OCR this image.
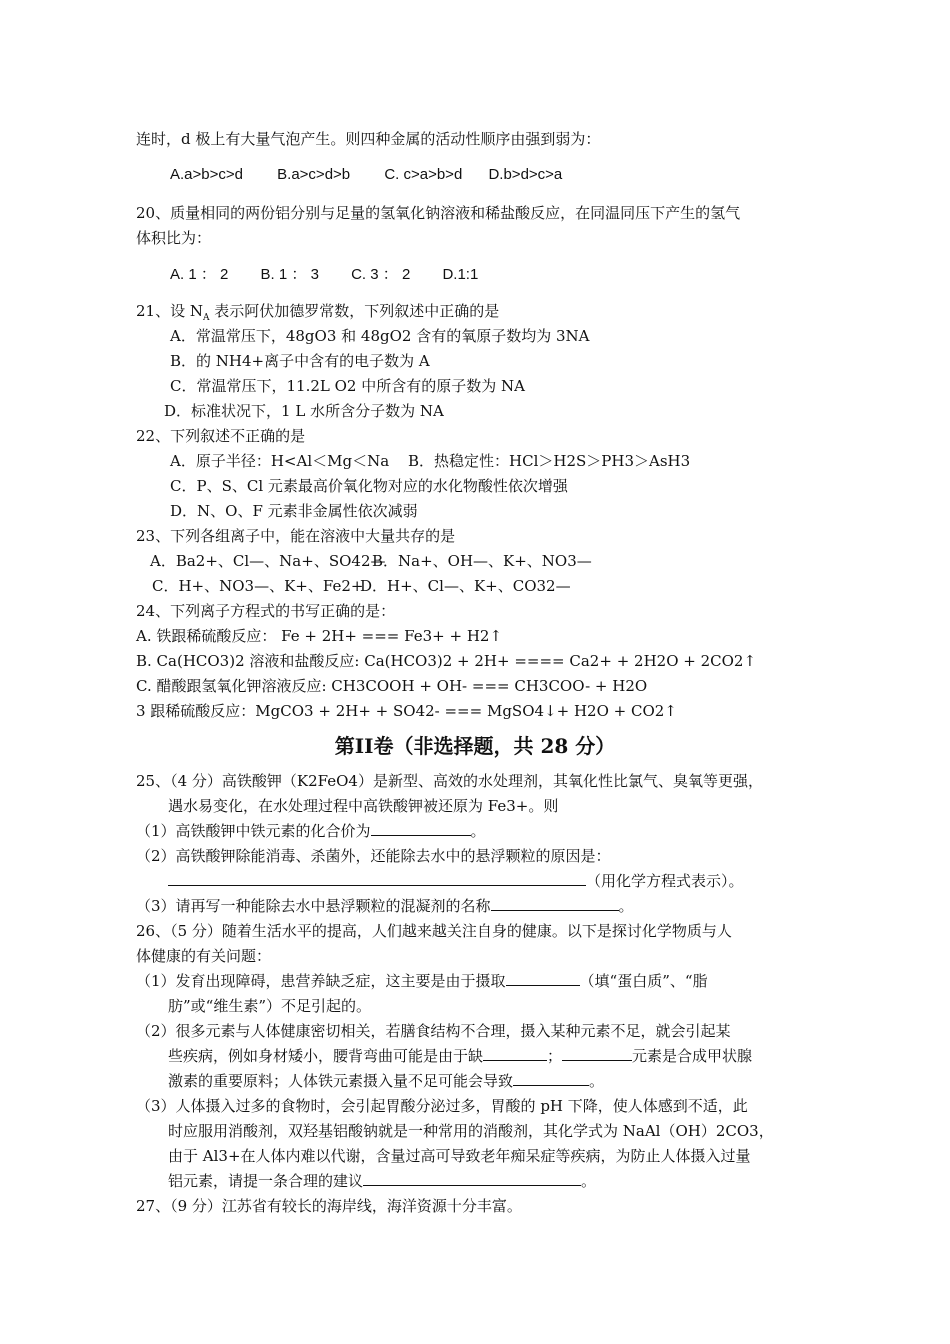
连时，d 极上有大量气泡产生。则四种金属的活动性顺序由强到弱为：
A.a>b>c>d B.a>c>d>b C. c>a>b>d D.b>d>c>a
20、质量相同的两份铝分别与足量的氢氧化钠溶液和稀盐酸反应，在同温同压下产生的氢气
体积比为：
A. 1 ： 2 B. 1 ： 3 C. 3 ： 2 D.1:1
21、设 $N_A$ 表示阿伏加德罗常数，下列叙述中正确的是
A．常温常压下，48gO3 和 48gO2 含有的氧原子数均为 3NA
B．的 NH4+离子中含有的电子数为 A
C．常温常压下，11.2L O2 中所含有的原子数为 NA
D．标准状况下，1 L 水所含分子数为 NA
22、下列叙述不正确的是
A．原子半径：H<Al＜Mg＜Na B．热稳定性：HCl＞H2S＞PH3＞AsH3
C．P、S、Cl 元素最高价氧化物对应的水化物酸性依次增强
D．N、O、F 元素非金属性依次减弱
23、下列各组离子中，能在溶液中大量共存的是
A．Ba2+、Cl—、Na+、SO42—
B．Na+、OH—、K+、NO3—
C．H+、NO3—、K+、Fe2+
D．H+、Cl—、K+、CO32—
24、下列离子方程式的书写正确的是：
A. 铁跟稀硫酸反应： Fe + 2H+ === Fe3+ + H2↑
B. Ca(HCO3)2 溶液和盐酸反应: Ca(HCO3)2 + 2H+ ==== Ca2+ + 2H2O + 2CO2↑
C. 醋酸跟氢氧化钾溶液反应: CH3COOH + OH- === CH3COO- + H2O
3 跟稀硫酸反应：MgCO3 + 2H+ + SO42- === MgSO4↓+ H2O + CO2↑
第II卷（非选择题，共 28 分）
25、（4 分）高铁酸钾（K2FeO4）是新型、高效的水处理剂，其氧化性比氯气、臭氧等更强，
遇水易变化，在水处理过程中高铁酸钾被还原为 Fe3+。则
（1）高铁酸钾中铁元素的化合价为	。
（2）高铁酸钾除能消毒、杀菌外，还能除去水中的悬浮颗粒的原因是：
（用化学方程式表示）。
（3）请再写一种能除去水中悬浮颗粒的混凝剂的名称	。
26、（5 分）随着生活水平的提高，人们越来越关注自身的健康。以下是探讨化学物质与人
体健康的有关问题：
（1）发育出现障碍，患营养缺乏症，这主要是由于摄取	（填“蛋白质”、“脂
肪”或“维生素”）不足引起的。
（2）很多元素与人体健康密切相关，若膳食结构不合理，摄入某种元素不足，就会引起某
些疾病，例如身材矮小，腰背弯曲可能是由于缺	；	元素是合成甲状腺
激素的重要原料；人体铁元素摄入量不足可能会导致	。
（3）人体摄入过多的食物时，会引起胃酸分泌过多，胃酸的 pH 下降，使人体感到不适，此
时应服用消酸剂，双羟基铝酸钠就是一种常用的消酸剂，其化学式为 NaAl（OH）2CO3，
由于 Al3+在人体内难以代谢，含量过高可导致老年痴呆症等疾病，为防止人体摄入过量
铝元素，请提一条合理的建议	。
27、（9 分）江苏省有较长的海岸线，海洋资源十分丰富。
